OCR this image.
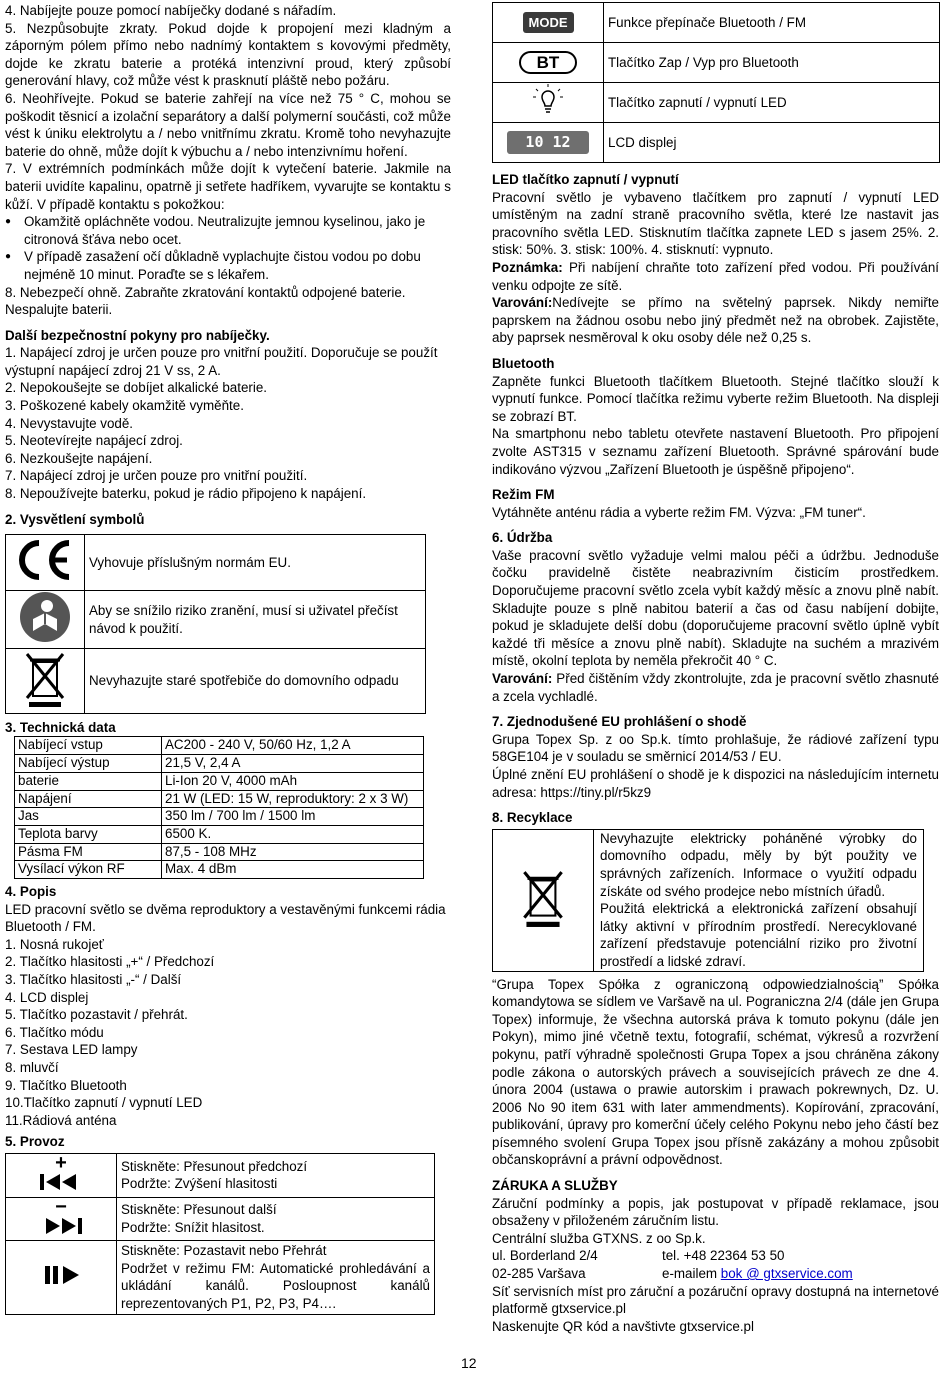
4. Nabíjejte pouze pomocí nabíječky dodané s nářadím.

5. Nezpůsobujte zkraty. Pokud dojde k propojení mezi kladným a záporným pólem přímo nebo nadnímý kontaktem s kovovými předměty, dojde ke zkratu baterie a protéká intenzivní proud, který způsobí generování hlavy, což může vést k prasknutí pláště nebo požáru.

6. Neohřívejte. Pokud se baterie zahřejí na více než 75 ° C, mohou se poškodit těsnicí a izolační separátory a další polymerní součásti, což může vést k úniku elektrolytu a / nebo vnitřnímu zkratu. Kromě toho nevyhazujte baterie do ohně, může dojít k výbuchu a / nebo intenzivnímu hoření.

7. V extrémních podmínkách může dojít k vytečení baterie. Jakmile na baterii uvidíte kapalinu, opatrně ji setřete hadříkem, vyvarujte se kontaktu s kůží. V případě kontaktu s pokožkou:

● Okamžitě opláchněte vodou. Neutralizujte jemnou kyselinou, jako je citronová šťáva nebo ocet.
● V případě zasažení očí důkladně vyplachujte čistou vodou po dobu nejméně 10 minut. Poraďte se s lékařem.

8. Nebezpečí ohně. Zabraňte zkratování kontaktů odpojené baterie. Nespalujte baterii.

Další bezpečnostní pokyny pro nabíječky.

1. Napájecí zdroj je určen pouze pro vnitřní použití. Doporučuje se použít výstupní napájecí zdroj 21 V ss, 2 A.

2. Nepokoušejte se dobíjet alkalické baterie.

3. Poškozené kabely okamžitě vyměňte.

4. Nevystavujte vodě.

5. Neotevírejte napájecí zdroj.

6. Nezkoušejte napájení.

7. Napájecí zdroj je určen pouze pro vnitřní použití.

8. Nepoužívejte baterku, pokud je rádio připojeno k napájení.

2. Vysvětlení symbolů
	Vyhovuje příslušným normám EU.
	Aby se snížilo riziko zranění, musí si uživatel přečíst návod k použití.
	Nevyhazujte staré spotřebiče do domovního odpadu
3. Technická data
Nabíjecí vstup	AC200 - 240 V, 50/60 Hz, 1,2 A
Nabíjecí výstup	21,5 V, 2,4 A
baterie	Li-Ion 20 V, 4000 mAh
Napájení	21 W (LED: 15 W, reproduktory: 2 x 3 W)
Jas	350 lm / 700 lm / 1500 lm
Teplota barvy	6500 K.
Pásma FM	87,5 - 108 MHz
Vysílací výkon RF	Max. 4 dBm
4. Popis

LED pracovní světlo se dvěma reproduktory a vestavěnými funkcemi rádia Bluetooth / FM.

1. Nosná rukojeť

2. Tlačítko hlasitosti „+“ / Předchozí

3. Tlačítko hlasitosti „-“ / Další

4. LCD displej

5. Tlačítko pozastavit / přehrát.

6. Tlačítko módu

7. Sestava LED lampy

8. mluvčí

9. Tlačítko Bluetooth

10.Tlačítko zapnutí / vypnutí LED

11.Rádiová anténa

5. Provoz
+	Stiskněte: Přesunout předchozí
Podržte: Zvýšení hlasitosti

−	Stiskněte: Přesunout další
Podržte: Snížit hlasitost.

Stiskněte: Pozastavit nebo Přehrát
Podržet v režimu FM: Automatické prohledávání a ukládání kanálů. Posloupnost kanálů reprezentovaných P1, P2, P3, P4….
MODE	Funkce přepínače Bluetooth / FM
BT	Tlačítko Zap / Vyp pro Bluetooth
	Tlačítko zapnutí / vypnutí LED
10 12	LCD displej
LED tlačítko zapnutí / vypnutí

Pracovní světlo je vybaveno tlačítkem pro zapnutí / vypnutí LED umístěným na zadní straně pracovního světla, které lze nastavit jas pracovního světla LED. Stisknutím tlačítka zapnete LED s jasem 25%. 2. stisk: 50%. 3. stisk: 100%. 4. stisknutí: vypnuto.

Poznámka: Při nabíjení chraňte toto zařízení před vodou. Při používání venku odpojte ze sítě.

Varování:Nedívejte se přímo na světelný paprsek. Nikdy nemiřte paprskem na žádnou osobu nebo jiný předmět než na obrobek. Zajistěte, aby paprsek nesměroval k oku osoby déle než 0,25 s.

Bluetooth

Zapněte funkci Bluetooth tlačítkem Bluetooth. Stejné tlačítko slouží k vypnutí funkce. Pomocí tlačítka režimu vyberte režim Bluetooth. Na displeji se zobrazí BT.

Na smartphonu nebo tabletu otevřete nastavení Bluetooth. Pro připojení zvolte AST315 v seznamu zařízení Bluetooth. Správné spárování bude indikováno výzvou „Zařízení Bluetooth je úspěšně připojeno“.

Režim FM

Vytáhněte anténu rádia a vyberte režim FM. Výzva: „FM tuner“.

6. Údržba

Vaše pracovní světlo vyžaduje velmi malou péči a údržbu. Jednoduše čočku pravidelně čistěte neabrazivním čisticím prostředkem. Doporučujeme pracovní světlo zcela vybít každý měsíc a znovu plně nabít. Skladujte pouze s plně nabitou baterií a čas od času nabíjení dobijte, pokud je skladujete delší dobu (doporučujeme pracovní světlo úplně vybít každé tři měsíce a znovu plně nabít). Skladujte na suchém a mrazivém místě, okolní teplota by neměla překročit 40 ° C.

Varování: Před čištěním vždy zkontrolujte, zda je pracovní světlo zhasnuté a zcela vychladlé.

7. Zjednodušené EU prohlášení o shodě

Grupa Topex Sp. z oo Sp.k. tímto prohlašuje, že rádiové zařízení typu 58GE104 je v souladu se směrnicí 2014/53 / EU.

Úplné znění EU prohlášení o shodě je k dispozici na následujícím internetu adresa: https://tiny.pl/r5kz9

8. Recyklace

Nevyhazujte elektricky poháněné výrobky do domovního odpadu, měly by být použity ve správných zařízeních. Informace o využití odpadu získáte od svého prodejce nebo místních úřadů.
Použitá elektrická a elektronická zařízení obsahují látky aktivní v přírodním prostředí. Nerecyklované zařízení představuje potenciální riziko pro životní prostředí a lidské zdraví.

“Grupa Topex Spółka z ograniczoną odpowiedzialnością” Spółka komandytowa se sídlem ve Varšavě na ul. Pograniczna 2/4 (dále jen Grupa Topex) informuje, že všechna autorská práva k tomuto pokynu (dále jen Pokyn), mimo jiné včetně textu, fotografií, schémat, výkresů a rozvržení pokynu, patří výhradně společnosti Grupa Topex a jsou chráněna zákony podle zákona o autorských právech a souvisejících právech ze dne 4. února 2004 (ustawa o prawie autorskim i prawach pokrewnych, Dz. U. 2006 No 90 item 631 with later ammendments). Kopírování, zpracování, publikování, úpravy pro komerční účely celého Pokynu nebo jeho částí bez písemného svolení Grupa Topex jsou přísně zakázány a mohou způsobit občanskoprávní a právní odpovědnost.

ZÁRUKA A SLUŽBY

Záruční podmínky a popis, jak postupovat v případě reklamace, jsou obsaženy v přiloženém záručním listu.

Centrální služba GTXNS. z oo Sp.k.

ul. Borderland 2/4	tel. +48 22364 53 50
02-285 Varšava	e-mailem bok @ gtxservice.com

Síť servisních míst pro záruční a pozáruční opravy dostupná na internetové platformě gtxservice.pl

Naskenujte QR kód a navštivte gtxservice.pl

12
